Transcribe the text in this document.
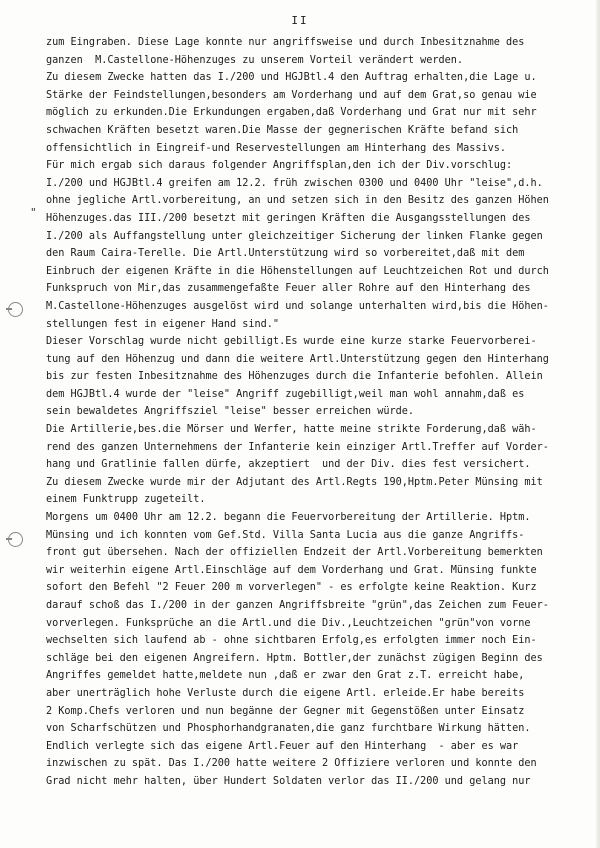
II
"
zum Eingraben. Diese Lage konnte nur angriffsweise und durch Inbesitznahme des
ganzen  M.Castellone-Höhenzuges zu unserem Vorteil verändert werden.
Zu diesem Zwecke hatten das I./200 und HGJBtl.4 den Auftrag erhalten,die Lage u.
Stärke der Feindstellungen,besonders am Vorderhang und auf dem Grat,so genau wie
möglich zu erkunden.Die Erkundungen ergaben,daß Vorderhang und Grat nur mit sehr
schwachen Kräften besetzt waren.Die Masse der gegnerischen Kräfte befand sich
offensichtlich in Eingreif-und Reservestellungen am Hinterhang des Massivs.
Für mich ergab sich daraus folgender Angriffsplan,den ich der Div.vorschlug:
I./200 und HGJBtl.4 greifen am 12.2. früh zwischen 0300 und 0400 Uhr "leise",d.h.
ohne jegliche Artl.vorbereitung, an und setzen sich in den Besitz des ganzen Höhen
Höhenzuges.das III./200 besetzt mit geringen Kräften die Ausgangsstellungen des
I./200 als Auffangstellung unter gleichzeitiger Sicherung der linken Flanke gegen
den Raum Caira-Terelle. Die Artl.Unterstützung wird so vorbereitet,daß mit dem
Einbruch der eigenen Kräfte in die Höhenstellungen auf Leuchtzeichen Rot und durch
Funkspruch von Mir,das zusammengefaßte Feuer aller Rohre auf den Hinterhang des
M.Castellone-Höhenzuges ausgelöst wird und solange unterhalten wird,bis die Höhen-
stellungen fest in eigener Hand sind."
Dieser Vorschlag wurde nicht gebilligt.Es wurde eine kurze starke Feuervorberei-
tung auf den Höhenzug und dann die weitere Artl.Unterstützung gegen den Hinterhang
bis zur festen Inbesitznahme des Höhenzuges durch die Infanterie befohlen. Allein
dem HGJBtl.4 wurde der "leise" Angriff zugebilligt,weil man wohl annahm,daß es
sein bewaldetes Angriffsziel "leise" besser erreichen würde.
Die Artillerie,bes.die Mörser und Werfer, hatte meine strikte Forderung,daß wäh-
rend des ganzen Unternehmens der Infanterie kein einziger Artl.Treffer auf Vorder-
hang und Gratlinie fallen dürfe, akzeptiert  und der Div. dies fest versichert.
Zu diesem Zwecke wurde mir der Adjutant des Artl.Regts 190,Hptm.Peter Münsing mit
einem Funktrupp zugeteilt.
Morgens um 0400 Uhr am 12.2. begann die Feuervorbereitung der Artillerie. Hptm.
Münsing und ich konnten vom Gef.Std. Villa Santa Lucia aus die ganze Angriffs-
front gut übersehen. Nach der offiziellen Endzeit der Artl.Vorbereitung bemerkten
wir weiterhin eigene Artl.Einschläge auf dem Vorderhang und Grat. Münsing funkte
sofort den Befehl "2 Feuer 200 m vorverlegen" - es erfolgte keine Reaktion. Kurz
darauf schoß das I./200 in der ganzen Angriffsbreite "grün",das Zeichen zum Feuer-
vorverlegen. Funksprüche an die Artl.und die Div.,Leuchtzeichen "grün"von vorne
wechselten sich laufend ab - ohne sichtbaren Erfolg,es erfolgten immer noch Ein-
schläge bei den eigenen Angreifern. Hptm. Bottler,der zunächst zügigen Beginn des
Angriffes gemeldet hatte,meldete nun ,daß er zwar den Grat z.T. erreicht habe,
aber unerträglich hohe Verluste durch die eigene Artl. erleide.Er habe bereits
2 Komp.Chefs verloren und nun begänne der Gegner mit Gegenstößen unter Einsatz
von Scharfschützen und Phosphorhandgranaten,die ganz furchtbare Wirkung hätten.
Endlich verlegte sich das eigene Artl.Feuer auf den Hinterhang  - aber es war
inzwischen zu spät. Das I./200 hatte weitere 2 Offiziere verloren und konnte den
Grad nicht mehr halten, über Hundert Soldaten verlor das II./200 und gelang nur
